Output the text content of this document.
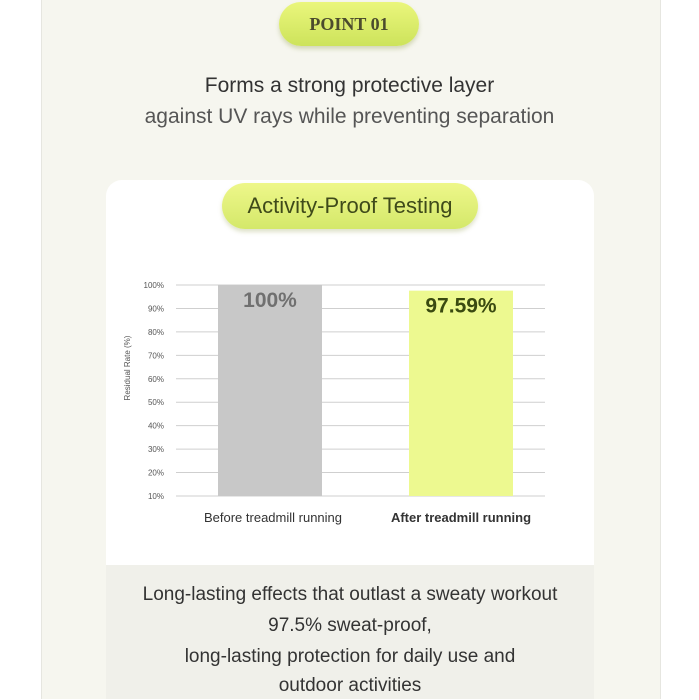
POINT 01
Forms a strong protective layer
against UV rays while preventing separation
Activity-Proof Testing
10%
20%
30%
40%
50%
60%
70%
80%
90%
100%
Residual Rate (%)
100%
Before treadmill running
97.59%
After treadmill running
Long-lasting effects that outlast a sweaty workout
97.5% sweat-proof,
long-lasting protection for daily use and
outdoor activities
